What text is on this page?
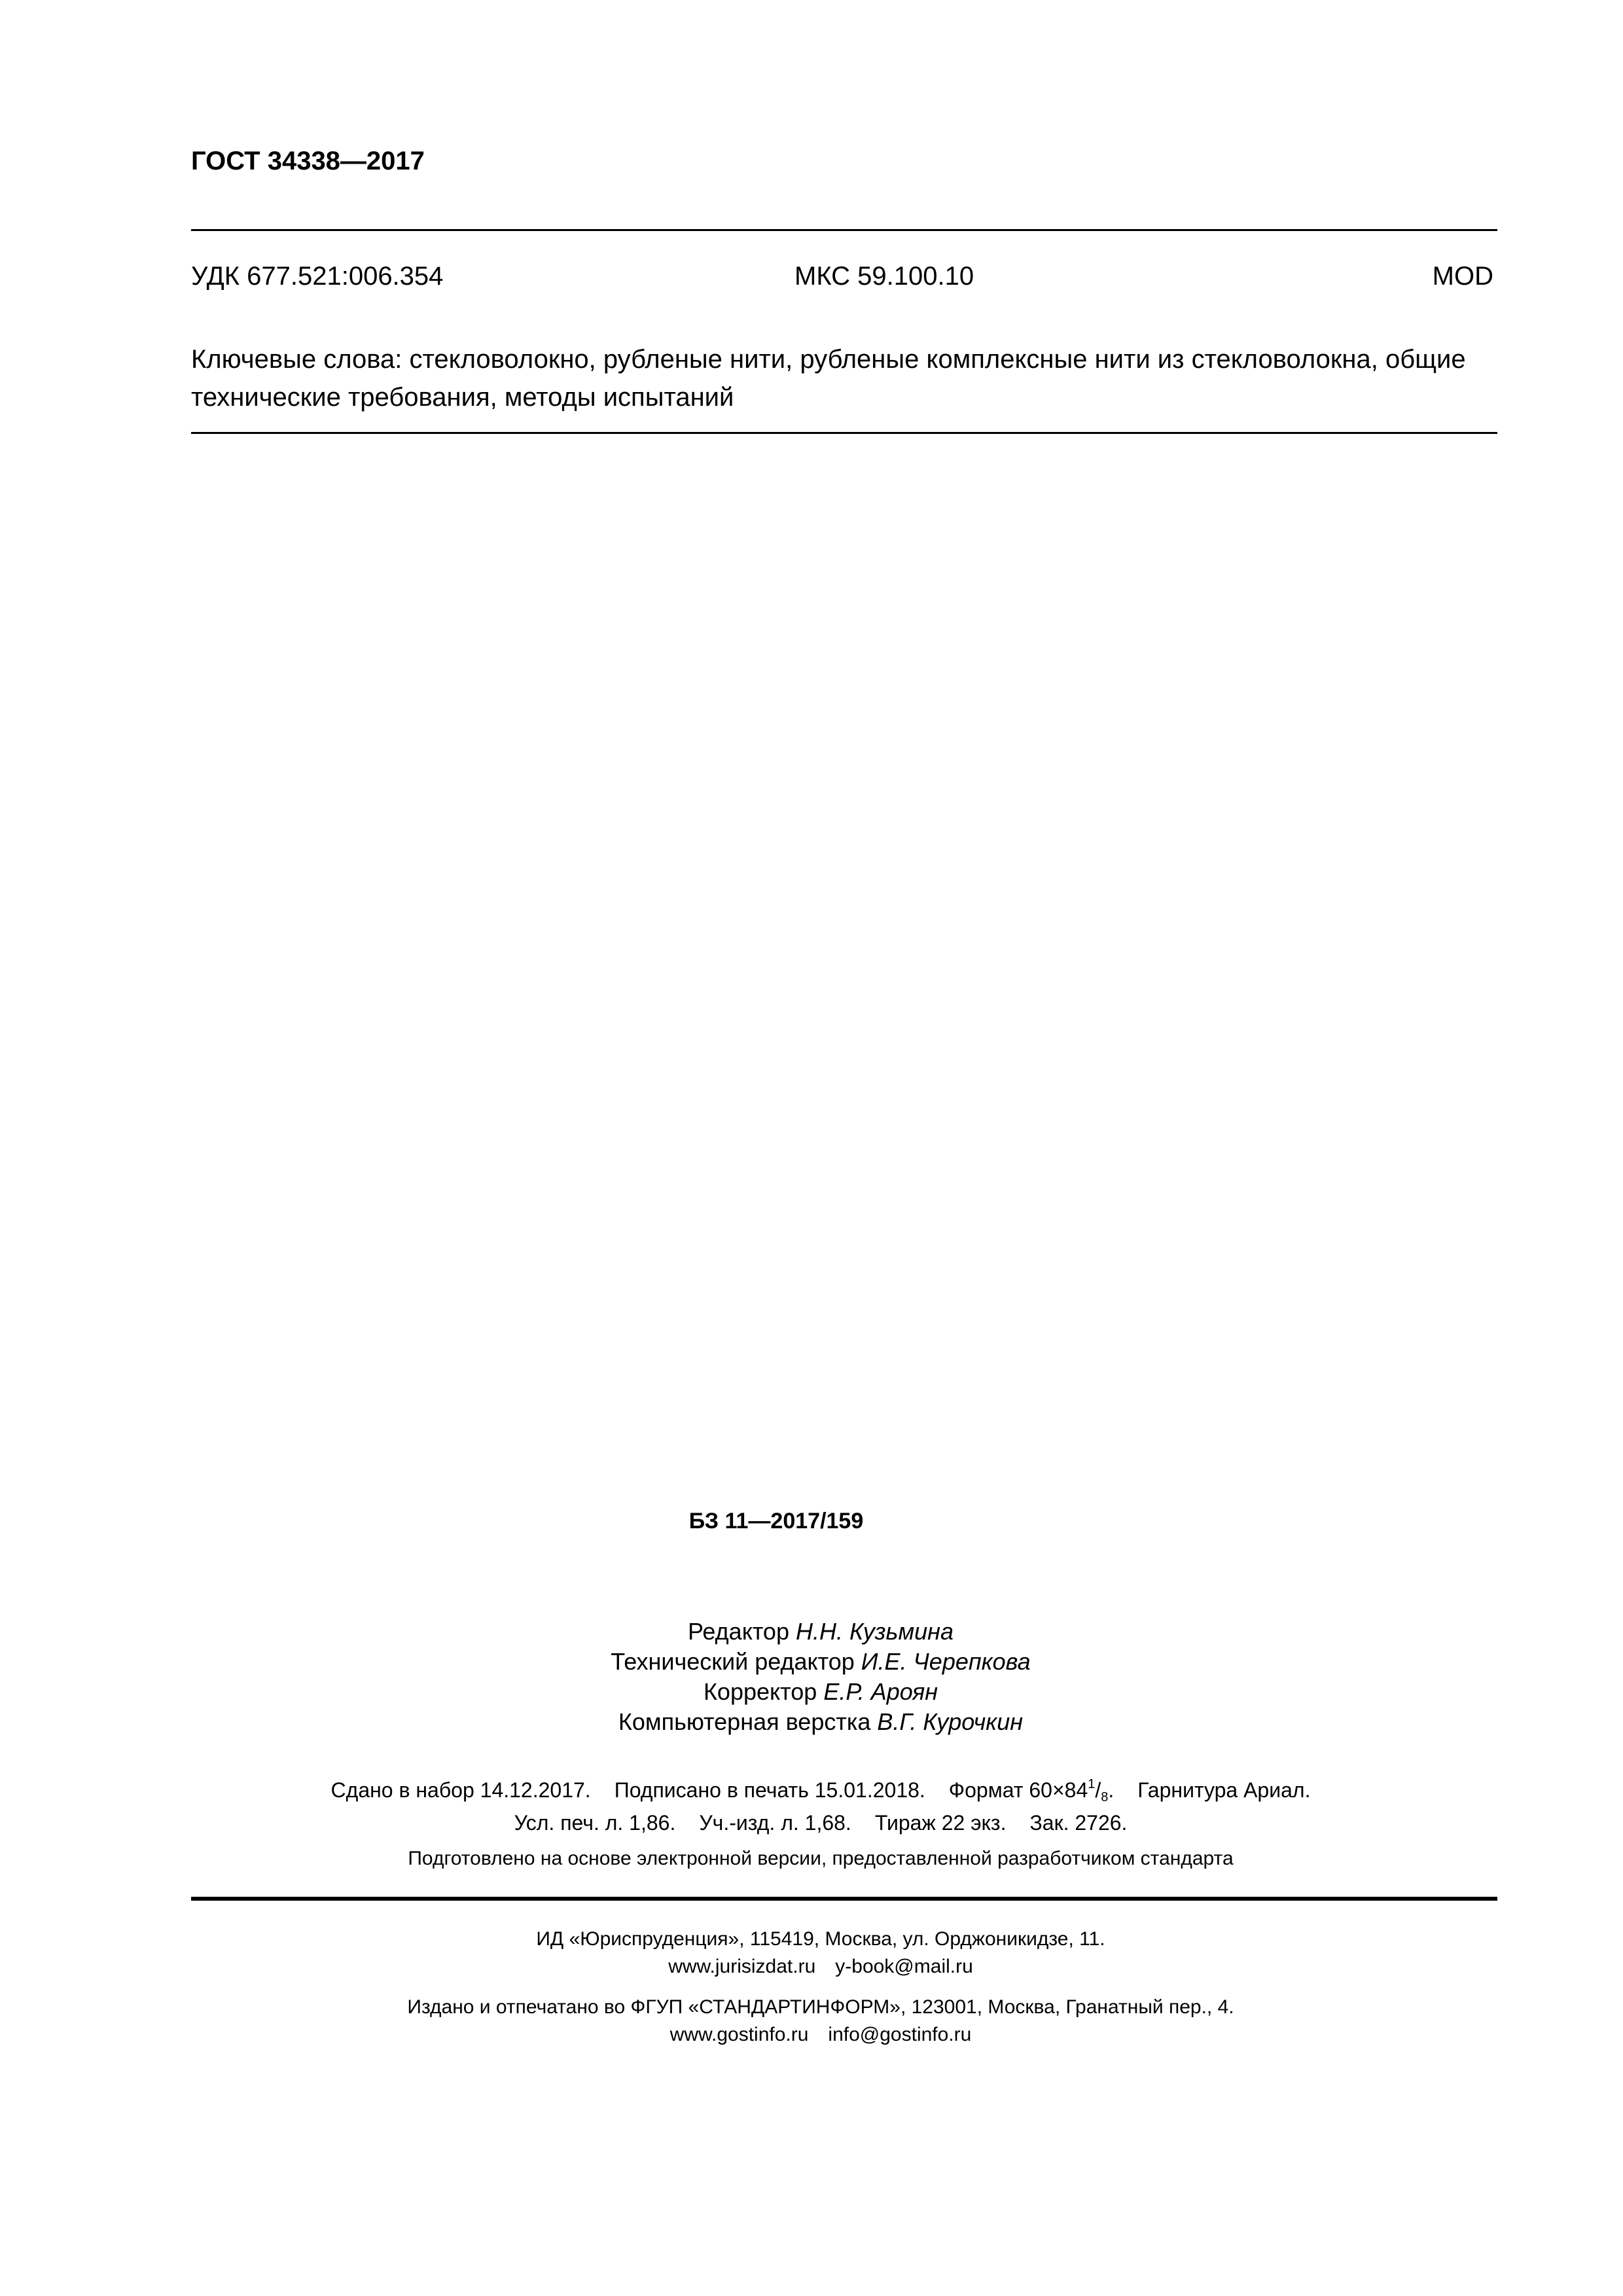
ГОСТ 34338—2017
УДК 677.521:006.354	МКС 59.100.10	MOD
Ключевые слова: стекловолокно, рубленые нити, рубленые комплексные нити из стекловолокна, общие
технические требования, методы испытаний
БЗ 11—2017/159
Редактор Н.Н. Кузьмина
Технический редактор И.Е. Черепкова
Корректор Е.Р. Ароян
Компьютерная верстка В.Г. Курочкин
Сдано в набор 14.12.2017. Подписано в печать 15.01.2018. Формат $60\times 84^1/_8$. Гарнитура Ариал.
Усл. печ. л. 1,86. Уч.-изд. л. 1,68. Тираж 22 экз. Зак. 2726.
Подготовлено на основе электронной версии, предоставленной разработчиком стандарта
ИД «Юриспруденция», 115419, Москва, ул. Орджоникидзе, 11.
www.jurisizdat.ru y-book@mail.ru
Издано и отпечатано во ФГУП «СТАНДАРТИНФОРМ», 123001, Москва, Гранатный пер., 4.
www.gostinfo.ru info@gostinfo.ru
